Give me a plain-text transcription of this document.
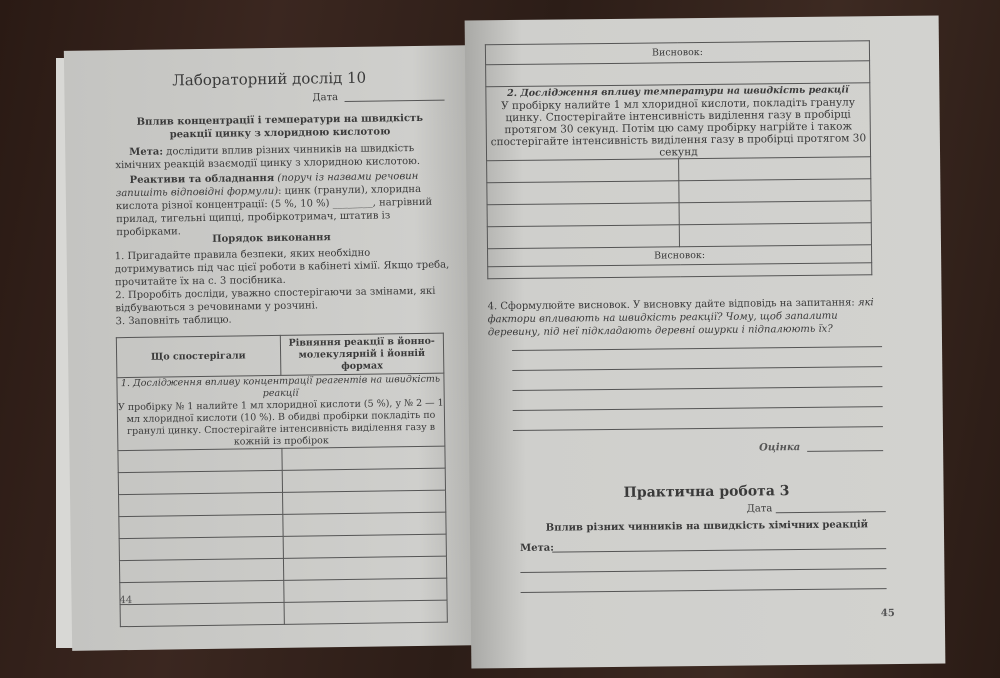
Лабораторний дослід 10
Дата
Вплив концентрації і температури на швидкість реакції цинку з хлоридною кислотою
Мета: дослідити вплив різних чинників на швидкість хімічних реакцій взаємодії цинку з хлоридною кислотою.
Реактиви та обладнання (поруч із назвами речовин запишіть відповідні формули): цинк (гранули), хлоридна кислота різної концентрації: (5 %, 10 %) ________, нагрівний прилад, тигельні щипці, пробіркотримач, штатив із пробірками.	Порядок виконання
1. Пригадайте правила безпеки, яких необхідно дотримуватись під час цієї роботи в кабінеті хімії. Якщо треба, прочитайте їх на с. 3 посібника.
2. Проробіть досліди, уважно спостерігаючи за змінами, які відбуваються з речовинами у розчині.
3. Заповніть таблицю.
Що спостерігали	Рівняння реакції в йонно-молекулярній і йонній формах

1. Дослідження впливу концентрації реагентів на швидкість реакції
У пробірку № 1 налийте 1 мл хлоридної кислоти (5 %), у № 2 — 1 мл хлоридної кислоти (10 %). В обидві пробірки покладіть по гранулі цинку. Спостерігайте інтенсивність виділення газу в кожній із пробірок	

44
Висновок:	

2. Дослідження впливу температури на швидкість реакції
У пробірку налийте 1 мл хлоридної кислоти, покладіть гранулу цинку. Спостерігайте інтенсивність виділення газу в пробірці протягом 30 секунд. Потім цю саму пробірку нагрійте і також спостерігайте інтенсивність виділення газу в пробірці протягом 30 секунд	

Висновок:	

4. Сформулюйте висновок. У висновку дайте відповідь на запитання: які фактори впливають на швидкість реакції? Чому, щоб запалити деревину, під неї підкладають деревні ошурки і підпалюють їх?
Оцінка
Практична робота 3
Дата
Вплив різних чинників на швидкість хімічних реакцій
Мета:
45
